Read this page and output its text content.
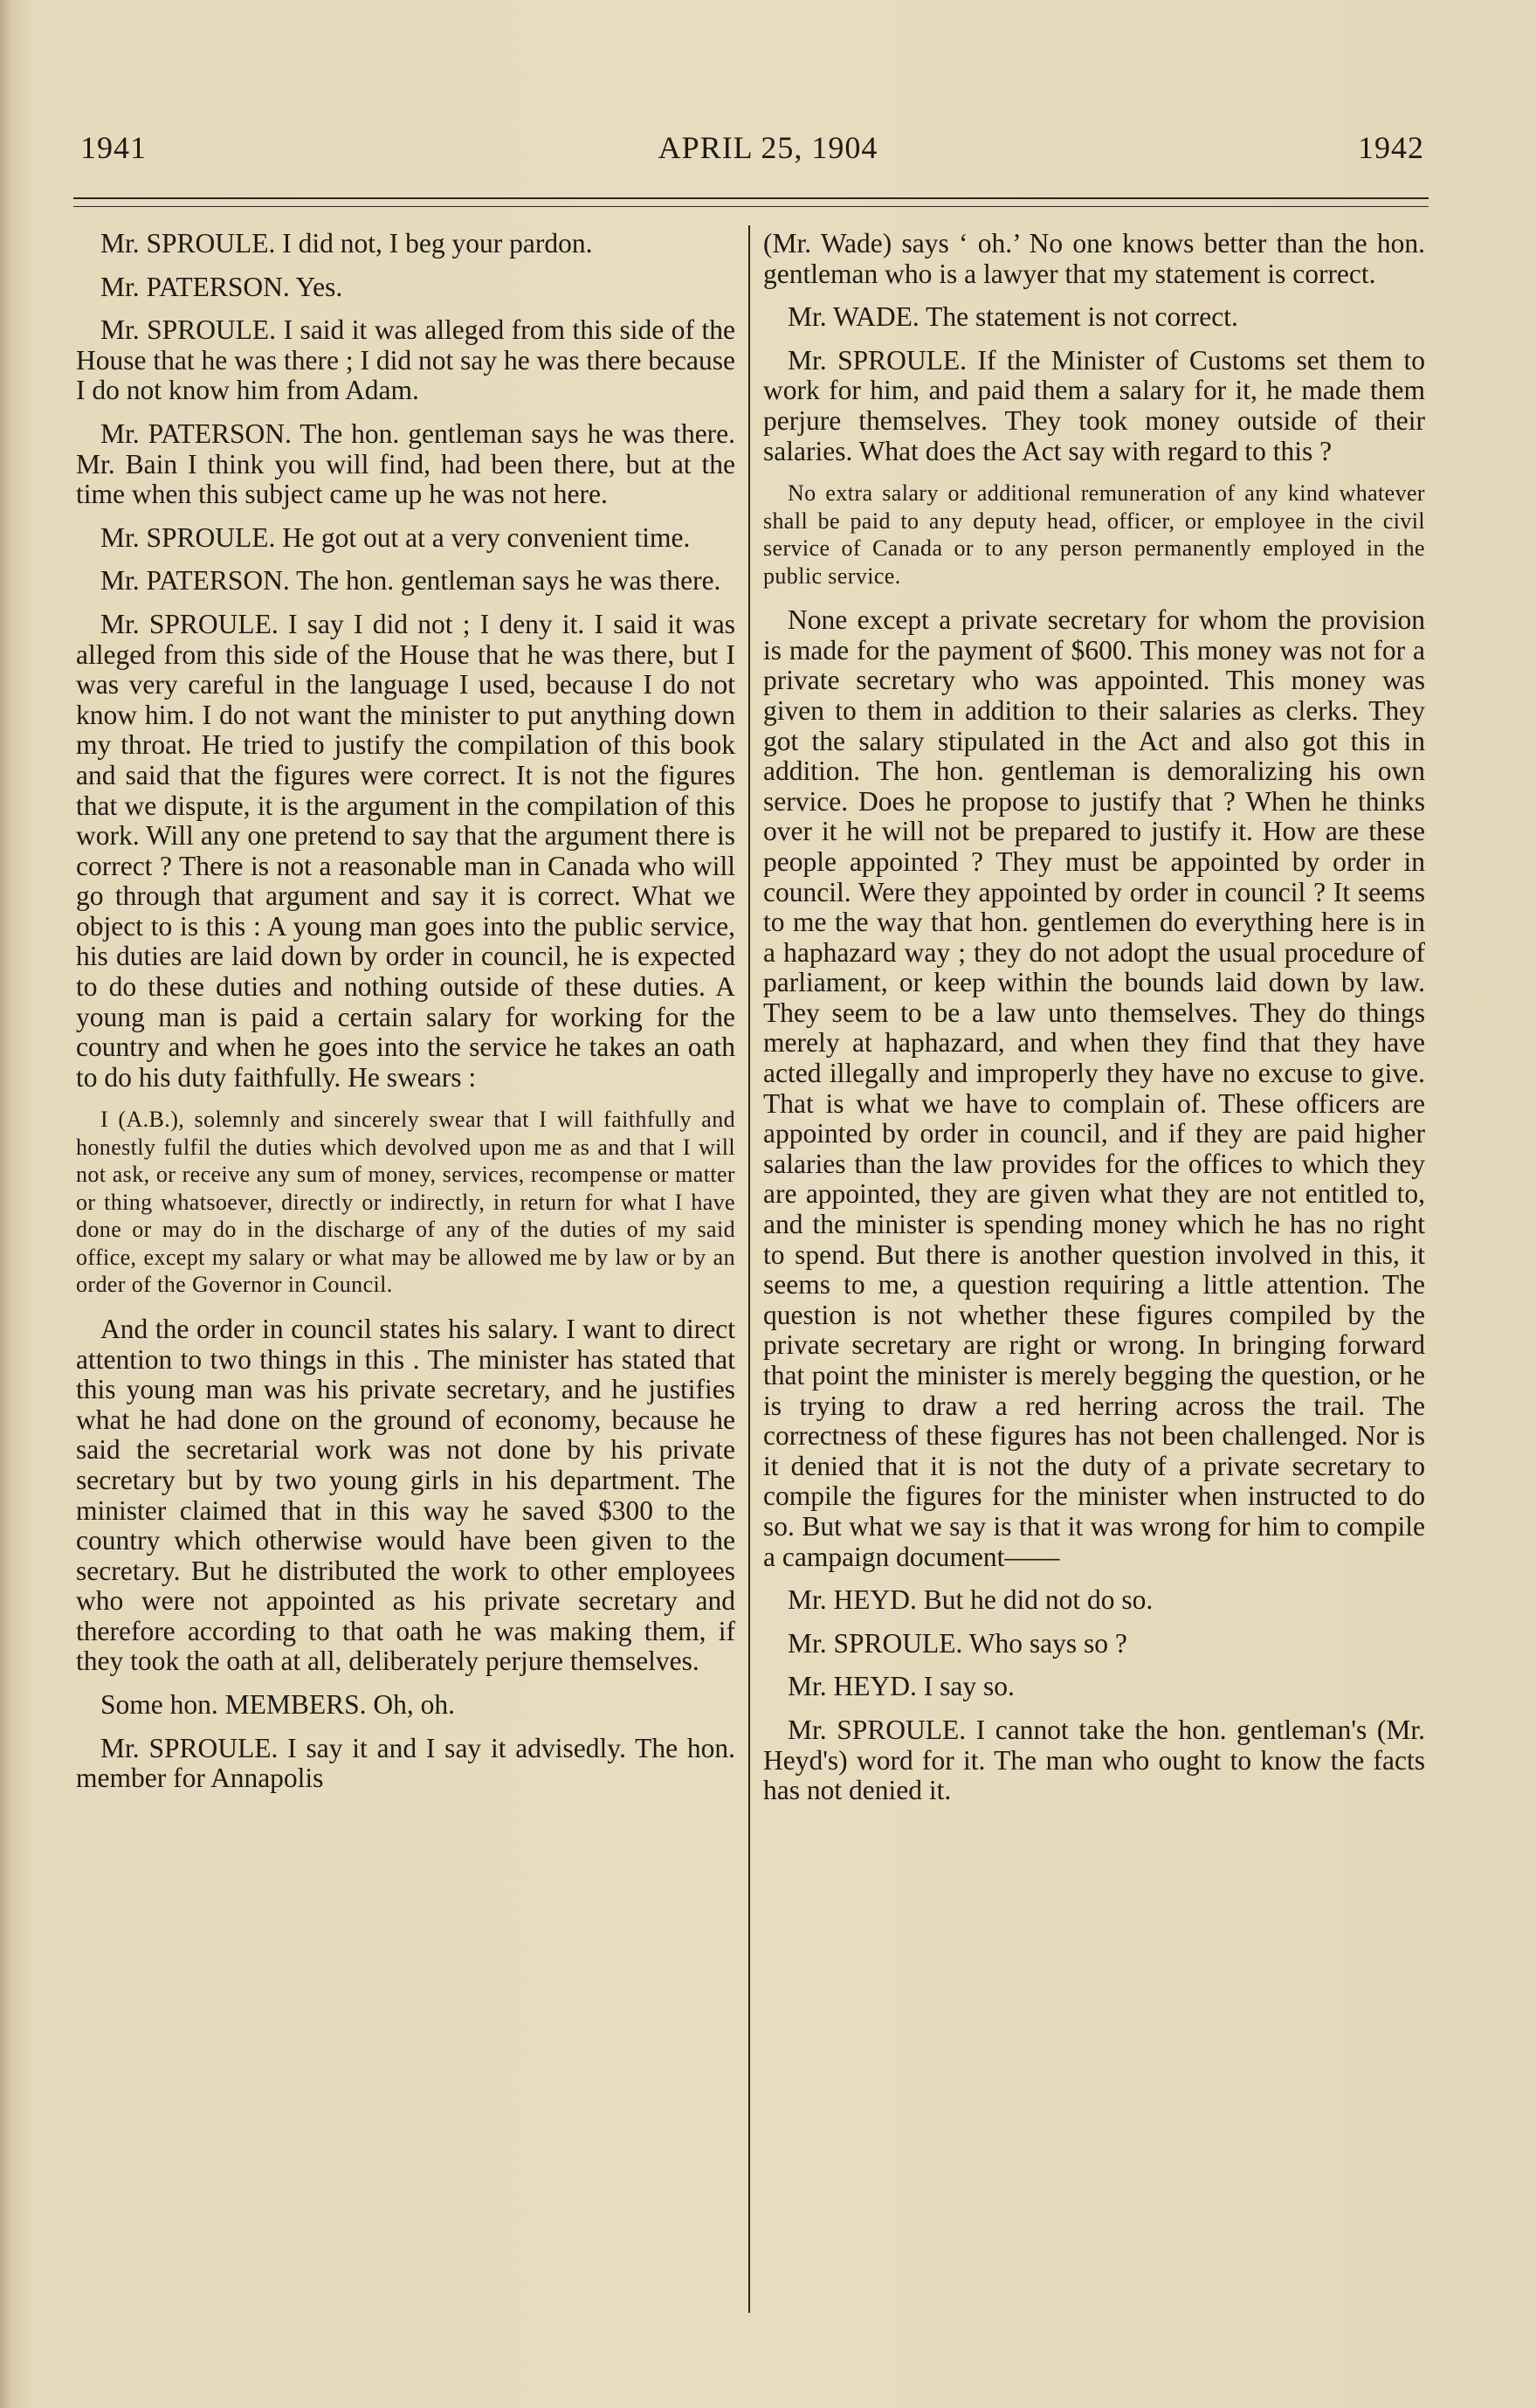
1941	APRIL 25, 1904	1942
Mr. SPROULE. I did not, I beg your pardon.
Mr. PATERSON. Yes.
Mr. SPROULE. I said it was alleged from this side of the House that he was there ; I did not say he was there because I do not know him from Adam.
Mr. PATERSON. The hon. gentleman says he was there. Mr. Bain I think you will find, had been there, but at the time when this subject came up he was not here.
Mr. SPROULE. He got out at a very convenient time.
Mr. PATERSON. The hon. gentleman says he was there.
Mr. SPROULE. I say I did not ; I deny it. I said it was alleged from this side of the House that he was there, but I was very careful in the language I used, because I do not know him. I do not want the minister to put anything down my throat. He tried to justify the compilation of this book and said that the figures were correct. It is not the figures that we dispute, it is the argument in the compilation of this work. Will any one pretend to say that the argument there is correct ? There is not a reasonable man in Canada who will go through that argument and say it is correct. What we object to is this : A young man goes into the public service, his duties are laid down by order in council, he is expected to do these duties and nothing outside of these duties. A young man is paid a certain salary for working for the country and when he goes into the service he takes an oath to do his duty faithfully. He swears :
I (A.B.), solemnly and sincerely swear that I will faithfully and honestly fulfil the duties which devolved upon me as and that I will not ask, or receive any sum of money, services, recompense or matter or thing whatsoever, directly or indirectly, in return for what I have done or may do in the discharge of any of the duties of my said office, except my salary or what may be allowed me by law or by an order of the Governor in Council.
And the order in council states his salary. I want to direct attention to two things in this . The minister has stated that this young man was his private secretary, and he justifies what he had done on the ground of economy, because he said the secretarial work was not done by his private secretary but by two young girls in his department. The minister claimed that in this way he saved $300 to the country which otherwise would have been given to the secretary. But he distributed the work to other employees who were not appointed as his private secretary and therefore according to that oath he was making them, if they took the oath at all, deliberately perjure themselves.
Some hon. MEMBERS. Oh, oh.
Mr. SPROULE. I say it and I say it advisedly. The hon. member for Annapolis
(Mr. Wade) says ‘ oh.’ No one knows better than the hon. gentleman who is a lawyer that my statement is correct.
Mr. WADE. The statement is not correct.
Mr. SPROULE. If the Minister of Customs set them to work for him, and paid them a salary for it, he made them perjure themselves. They took money outside of their salaries. What does the Act say with regard to this ?
No extra salary or additional remuneration of any kind whatever shall be paid to any deputy head, officer, or employee in the civil service of Canada or to any person permanently employed in the public service.
None except a private secretary for whom the provision is made for the payment of $600. This money was not for a private secretary who was appointed. This money was given to them in addition to their salaries as clerks. They got the salary stipulated in the Act and also got this in addition. The hon. gentleman is demoralizing his own service. Does he propose to justify that ? When he thinks over it he will not be prepared to justify it. How are these people appointed ? They must be appointed by order in council. Were they appointed by order in council ? It seems to me the way that hon. gentlemen do everything here is in a haphazard way ; they do not adopt the usual procedure of parliament, or keep within the bounds laid down by law. They seem to be a law unto themselves. They do things merely at haphazard, and when they find that they have acted illegally and improperly they have no excuse to give. That is what we have to complain of. These officers are appointed by order in council, and if they are paid higher salaries than the law provides for the offices to which they are appointed, they are given what they are not entitled to, and the minister is spending money which he has no right to spend. But there is another question involved in this, it seems to me, a question requiring a little attention. The question is not whether these figures compiled by the private secretary are right or wrong. In bringing forward that point the minister is merely begging the question, or he is trying to draw a red herring across the trail. The correctness of these figures has not been challenged. Nor is it denied that it is not the duty of a private secretary to compile the figures for the minister when instructed to do so. But what we say is that it was wrong for him to compile a campaign document——
Mr. HEYD. But he did not do so.
Mr. SPROULE. Who says so ?
Mr. HEYD. I say so.
Mr. SPROULE. I cannot take the hon. gentleman's (Mr. Heyd's) word for it. The man who ought to know the facts has not denied it.
